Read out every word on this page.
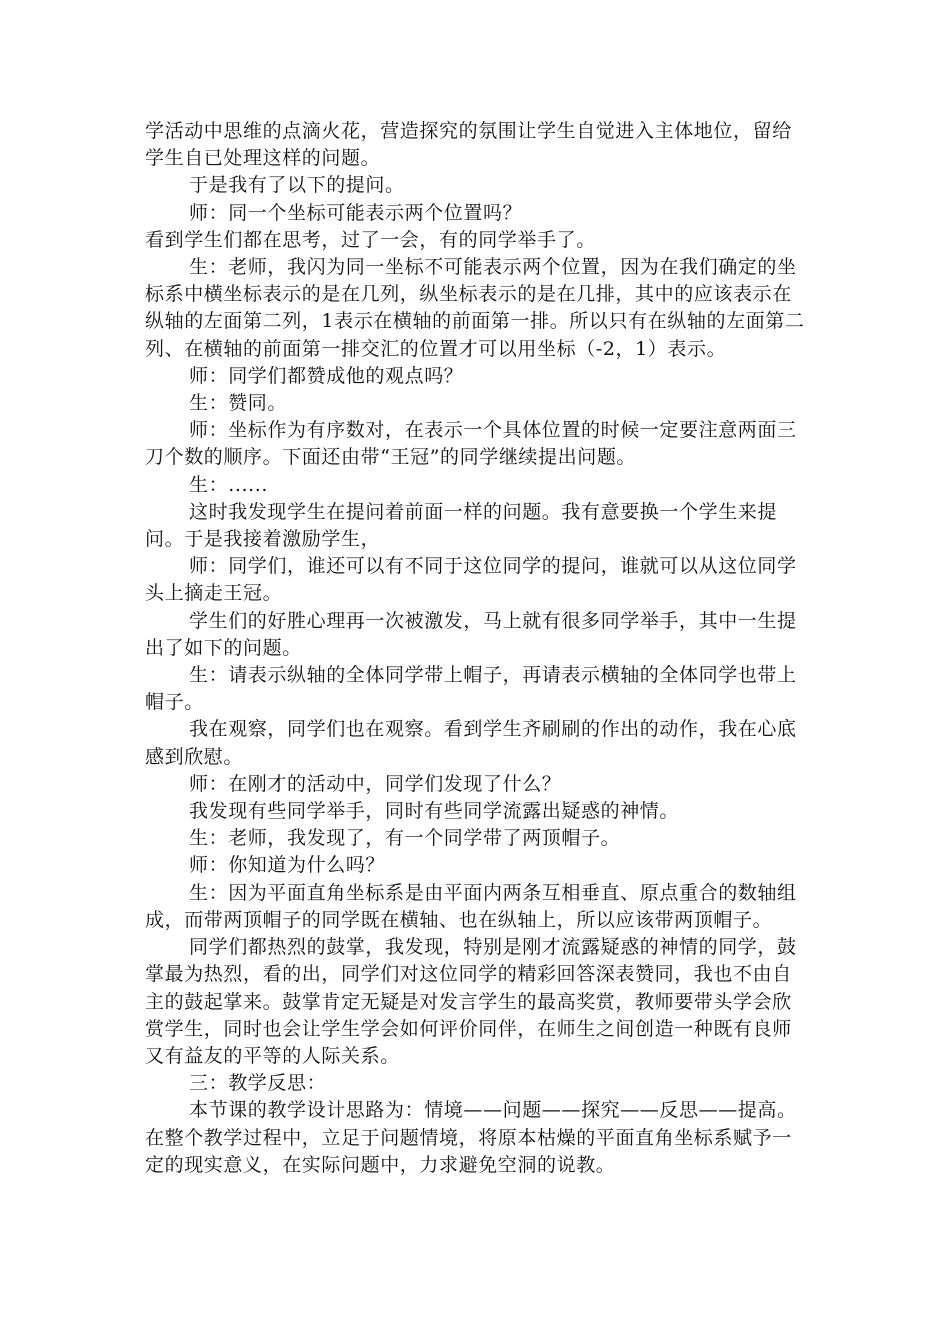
学活动中思维的点滴火花，营造探究的氛围让学生自觉进入主体地位，留给学生自已处理这样的问题。

于是我有了以下的提问。

师：同一个坐标可能表示两个位置吗？

看到学生们都在思考，过了一会，有的同学举手了。

生：老师，我闪为同一坐标不可能表示两个位置，因为在我们确定的坐标系中横坐标表示的是在几列，纵坐标表示的是在几排，其中的应该表示在纵轴的左面第二列，1表示在横轴的前面第一排。所以只有在纵轴的左面第二列、在横轴的前面第一排交汇的位置才可以用坐标（-2，1）表示。

师：同学们都赞成他的观点吗？

生：赞同。

师：坐标作为有序数对，在表示一个具体位置的时候一定要注意两面三刀个数的顺序。下面还由带“王冠”的同学继续提出问题。

生：......

这时我发现学生在提问着前面一样的问题。我有意要换一个学生来提问。于是我接着激励学生，

师：同学们，谁还可以有不同于这位同学的提问，谁就可以从这位同学头上摘走王冠。

学生们的好胜心理再一次被激发，马上就有很多同学举手，其中一生提出了如下的问题。

生：请表示纵轴的全体同学带上帽子，再请表示横轴的全体同学也带上帽子。

我在观察，同学们也在观察。看到学生齐刷刷的作出的动作，我在心底感到欣慰。

师：在刚才的活动中，同学们发现了什么？

我发现有些同学举手，同时有些同学流露出疑惑的神情。

生：老师，我发现了，有一个同学带了两顶帽子。

师：你知道为什么吗？

生：因为平面直角坐标系是由平面内两条互相垂直、原点重合的数轴组成，而带两顶帽子的同学既在横轴、也在纵轴上，所以应该带两顶帽子。

同学们都热烈的鼓掌，我发现，特别是刚才流露疑惑的神情的同学，鼓掌最为热烈，看的出，同学们对这位同学的精彩回答深表赞同，我也不由自主的鼓起掌来。鼓掌肯定无疑是对发言学生的最高奖赏，教师要带头学会欣赏学生，同时也会让学生学会如何评价同伴，在师生之间创造一种既有良师又有益友的平等的人际关系。

三：教学反思：

本节课的教学设计思路为：情境——问题——探究——反思——提高。在整个教学过程中，立足于问题情境，将原本枯燥的平面直角坐标系赋予一定的现实意义，在实际问题中，力求避免空洞的说教。
